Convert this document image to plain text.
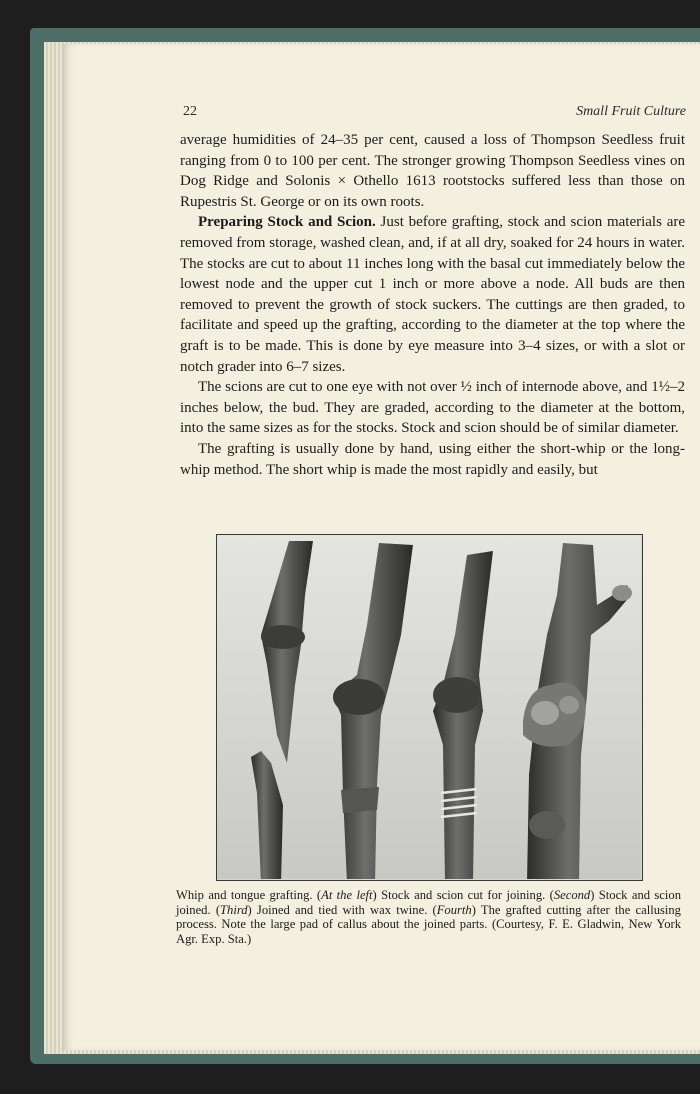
22	Small Fruit Culture

average humidities of 24–35 per cent, caused a loss of Thompson Seedless fruit ranging from 0 to 100 per cent. The stronger growing Thompson Seedless vines on Dog Ridge and Solonis × Othello 1613 rootstocks suffered less than those on Rupestris St. George or on its own roots.

Preparing Stock and Scion. Just before grafting, stock and scion materials are removed from storage, washed clean, and, if at all dry, soaked for 24 hours in water. The stocks are cut to about 11 inches long with the basal cut immediately below the lowest node and the upper cut 1 inch or more above a node. All buds are then removed to prevent the growth of stock suckers. The cuttings are then graded, to facilitate and speed up the grafting, according to the diameter at the top where the graft is to be made. This is done by eye measure into 3–4 sizes, or with a slot or notch grader into 6–7 sizes.

The scions are cut to one eye with not over ½ inch of internode above, and 1½–2 inches below, the bud. They are graded, according to the diameter at the bottom, into the same sizes as for the stocks. Stock and scion should be of similar diameter.

The grafting is usually done by hand, using either the short-whip or the long-whip method. The short whip is made the most rapidly and easily, but

Whip and tongue grafting. (At the left) Stock and scion cut for joining. (Second) Stock and scion joined. (Third) Joined and tied with wax twine. (Fourth) The grafted cutting after the callusing process. Note the large pad of callus about the joined parts. (Courtesy, F. E. Gladwin, New York Agr. Exp. Sta.)
